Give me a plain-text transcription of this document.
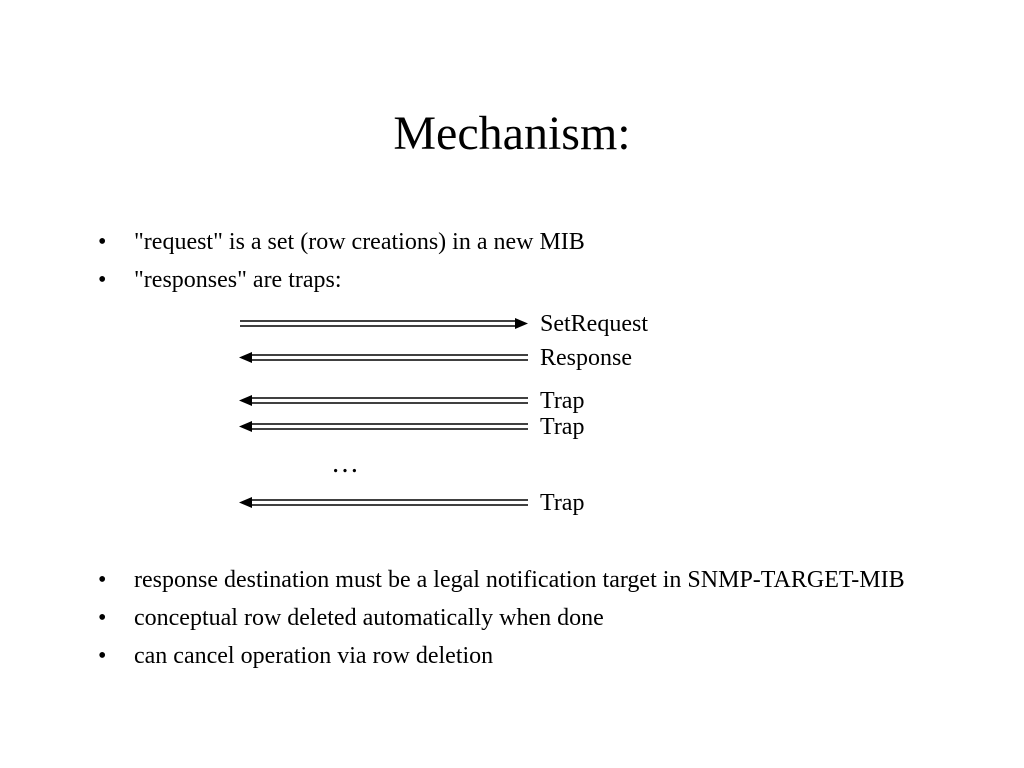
Mechanism:
• "request" is a set (row creations) in a new MIB
• "responses" are traps:
SetRequest
Response
Trap
Trap
…
Trap
• response destination must be a legal notification target in SNMP-TARGET-MIB
• conceptual row deleted automatically when done
• can cancel operation via row deletion
